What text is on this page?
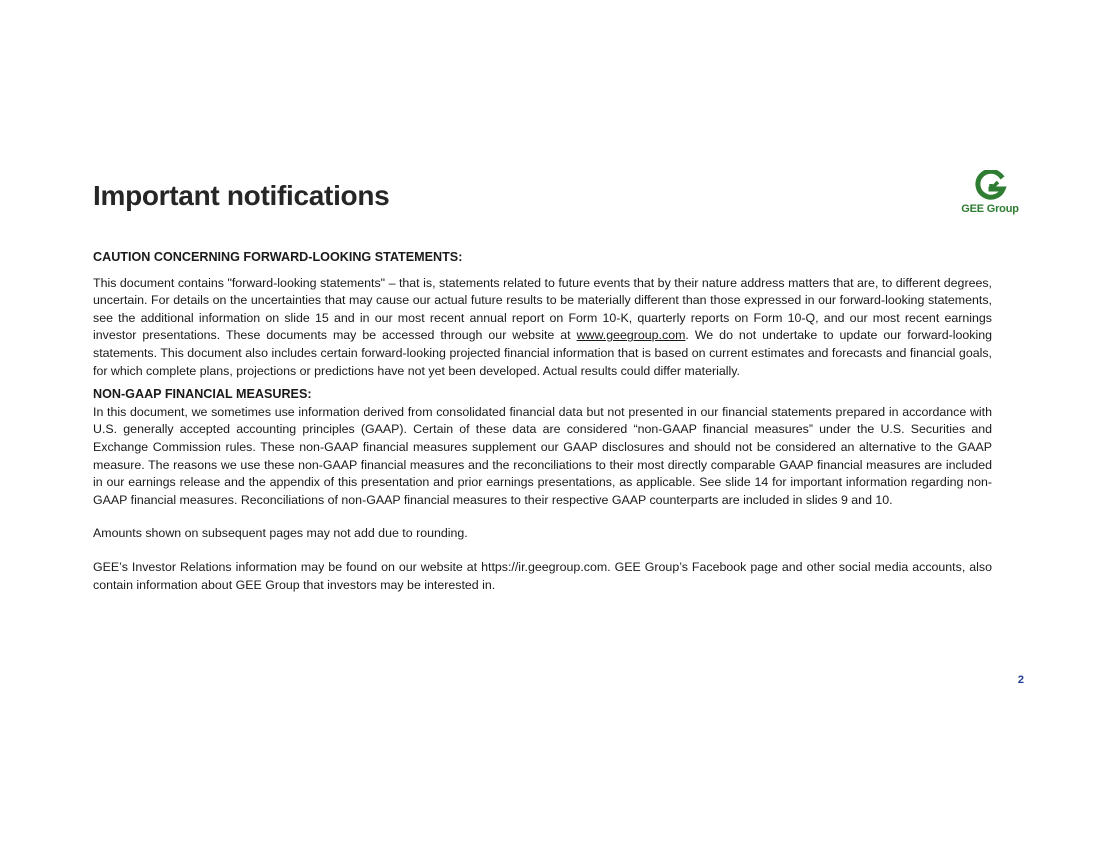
Important notifications	GEE Group

CAUTION CONCERNING FORWARD-LOOKING STATEMENTS:

This document contains "forward-looking statements" – that is, statements related to future events that by their nature address matters that are, to different degrees, uncertain. For details on the uncertainties that may cause our actual future results to be materially different than those expressed in our forward-looking statements, see the additional information on slide 15 and in our most recent annual report on Form 10-K, quarterly reports on Form 10-Q, and our most recent earnings investor presentations. These documents may be accessed through our website at www.geegroup.com. We do not undertake to update our forward-looking statements. This document also includes certain forward-looking projected financial information that is based on current estimates and forecasts and financial goals, for which complete plans, projections or predictions have not yet been developed. Actual results could differ materially.

NON-GAAP FINANCIAL MEASURES:

In this document, we sometimes use information derived from consolidated financial data but not presented in our financial statements prepared in accordance with U.S. generally accepted accounting principles (GAAP). Certain of these data are considered “non-GAAP financial measures” under the U.S. Securities and Exchange Commission rules. These non-GAAP financial measures supplement our GAAP disclosures and should not be considered an alternative to the GAAP measure. The reasons we use these non-GAAP financial measures and the reconciliations to their most directly comparable GAAP financial measures are included in our earnings release and the appendix of this presentation and prior earnings presentations, as applicable. See slide 14 for important information regarding non-GAAP financial measures. Reconciliations of non-GAAP financial measures to their respective GAAP counterparts are included in slides 9 and 10.

Amounts shown on subsequent pages may not add due to rounding.

GEE’s Investor Relations information may be found on our website at https://ir.geegroup.com. GEE Group’s Facebook page and other social media accounts, also contain information about GEE Group that investors may be interested in.

2
